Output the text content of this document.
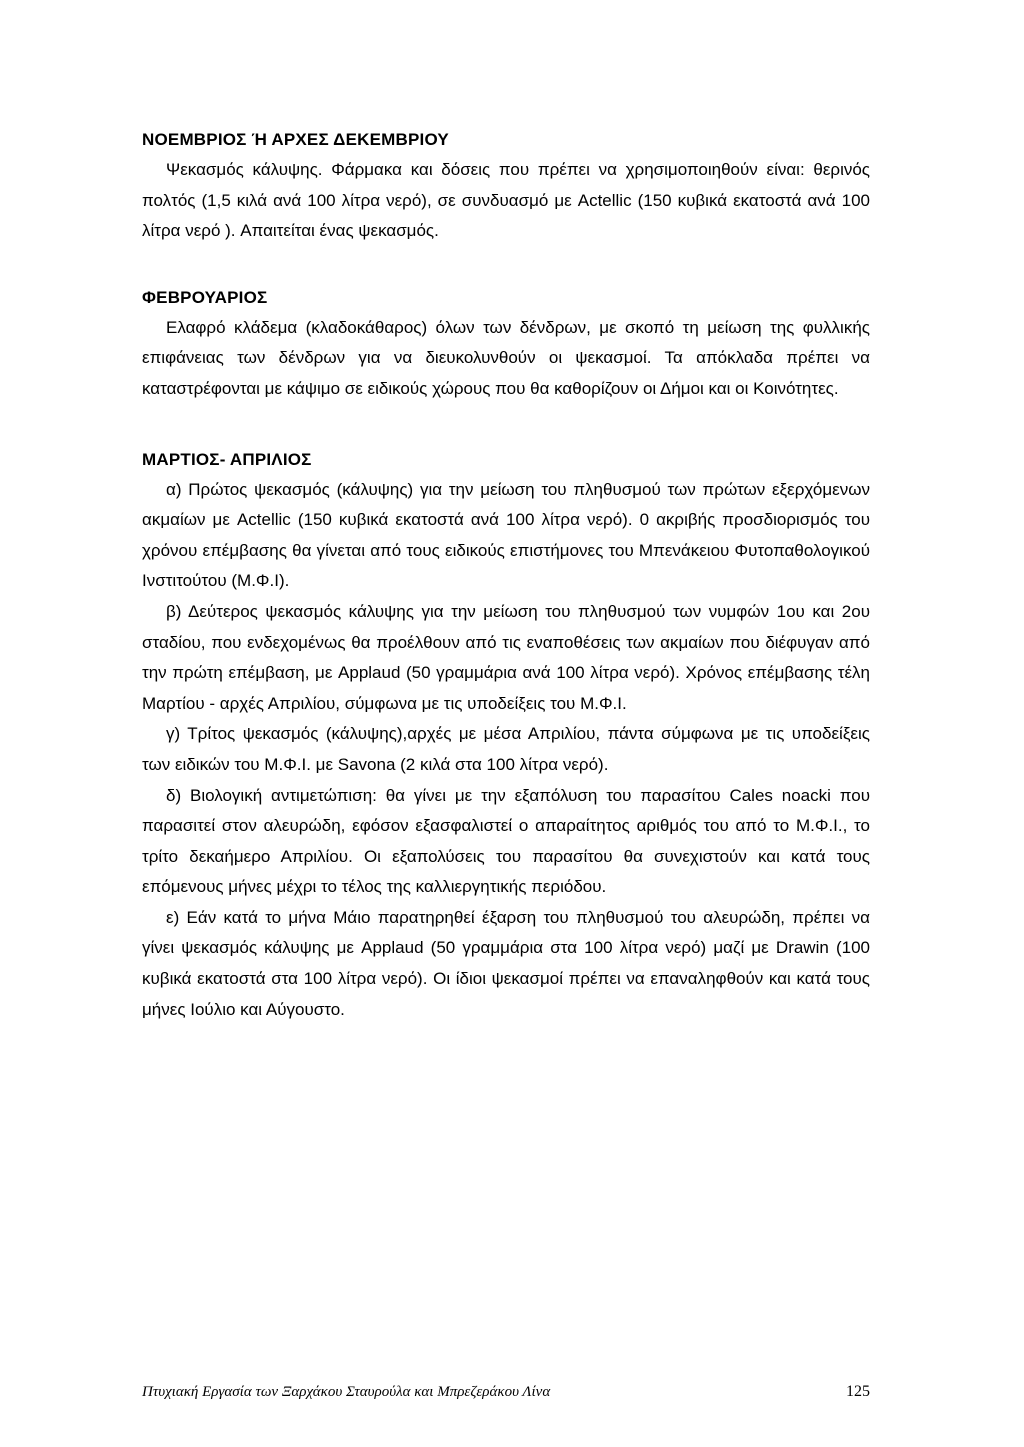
ΝΟΕΜΒΡΙΟΣ Ή ΑΡΧΕΣ ΔΕΚΕΜΒΡΙΟΥ

Ψεκασμός κάλυψης. Φάρμακα και δόσεις που πρέπει να χρησιμοποιηθούν είναι: θερινός πολτός (1,5 κιλά ανά 100 λίτρα νερό), σε συνδυασμό με Actellic (150 κυβικά εκατοστά ανά 100 λίτρα νερό ). Απαιτείται ένας ψεκασμός.

ΦΕΒΡΟΥΑΡΙΟΣ

Ελαφρό κλάδεμα (κλαδοκάθαρος) όλων των δένδρων, με σκοπό τη μείωση της φυλλικής επιφάνειας των δένδρων για να διευκολυνθούν οι ψεκασμοί. Τα απόκλαδα πρέπει να καταστρέφονται με κάψιμο σε ειδικούς χώρους που θα καθορίζουν οι Δήμοι και οι Κοινότητες.

ΜΑΡΤΙΟΣ- ΑΠΡΙΛΙΟΣ

α) Πρώτος ψεκασμός (κάλυψης) για την μείωση του πληθυσμού των πρώτων εξερχόμενων ακμαίων με Actellic (150 κυβικά εκατοστά ανά 100 λίτρα νερό). 0 ακριβής προσδιορισμός του χρόνου επέμβασης θα γίνεται από τους ειδικούς επιστήμονες του Μπενάκειου Φυτοπαθολογικού Ινστιτούτου (Μ.Φ.Ι).

β) Δεύτερος ψεκασμός κάλυψης για την μείωση του πληθυσμού των νυμφών 1ου και 2ου σταδίου, που ενδεχομένως θα προέλθουν από τις εναποθέσεις των ακμαίων που διέφυγαν από την πρώτη επέμβαση, με Applaud (50 γραμμάρια ανά 100 λίτρα νερό). Χρόνος επέμβασης τέλη Μαρτίου - αρχές Απριλίου, σύμφωνα με τις υποδείξεις του Μ.Φ.Ι.

γ) Τρίτος ψεκασμός (κάλυψης),αρχές με μέσα Απριλίου, πάντα σύμφωνα με τις υποδείξεις των ειδικών του Μ.Φ.Ι. με Savona (2 κιλά στα 100 λίτρα νερό).

δ) Βιολογική αντιμετώπιση: θα γίνει με την εξαπόλυση του παρασίτου Cales noacki που παρασιτεί στον αλευρώδη, εφόσον εξασφαλιστεί ο απαραίτητος αριθμός του από το Μ.Φ.Ι., το τρίτο δεκαήμερο Απριλίου. Οι εξαπολύσεις του παρασίτου θα συνεχιστούν και κατά τους επόμενους μήνες μέχρι το τέλος της καλλιεργητικής περιόδου.

ε) Εάν κατά το μήνα Μάιο παρατηρηθεί έξαρση του πληθυσμού του αλευρώδη, πρέπει να γίνει ψεκασμός κάλυψης με Applaud (50 γραμμάρια στα 100 λίτρα νερό) μαζί με Drawin (100 κυβικά εκατοστά στα 100 λίτρα νερό). Οι ίδιοι ψεκασμοί πρέπει να επαναληφθούν και κατά τους μήνες Ιούλιο και Αύγουστο.

Πτυχιακή Εργασία των Ξαρχάκου Σταυρούλα και Μπρεζεράκου Λίνα	125
